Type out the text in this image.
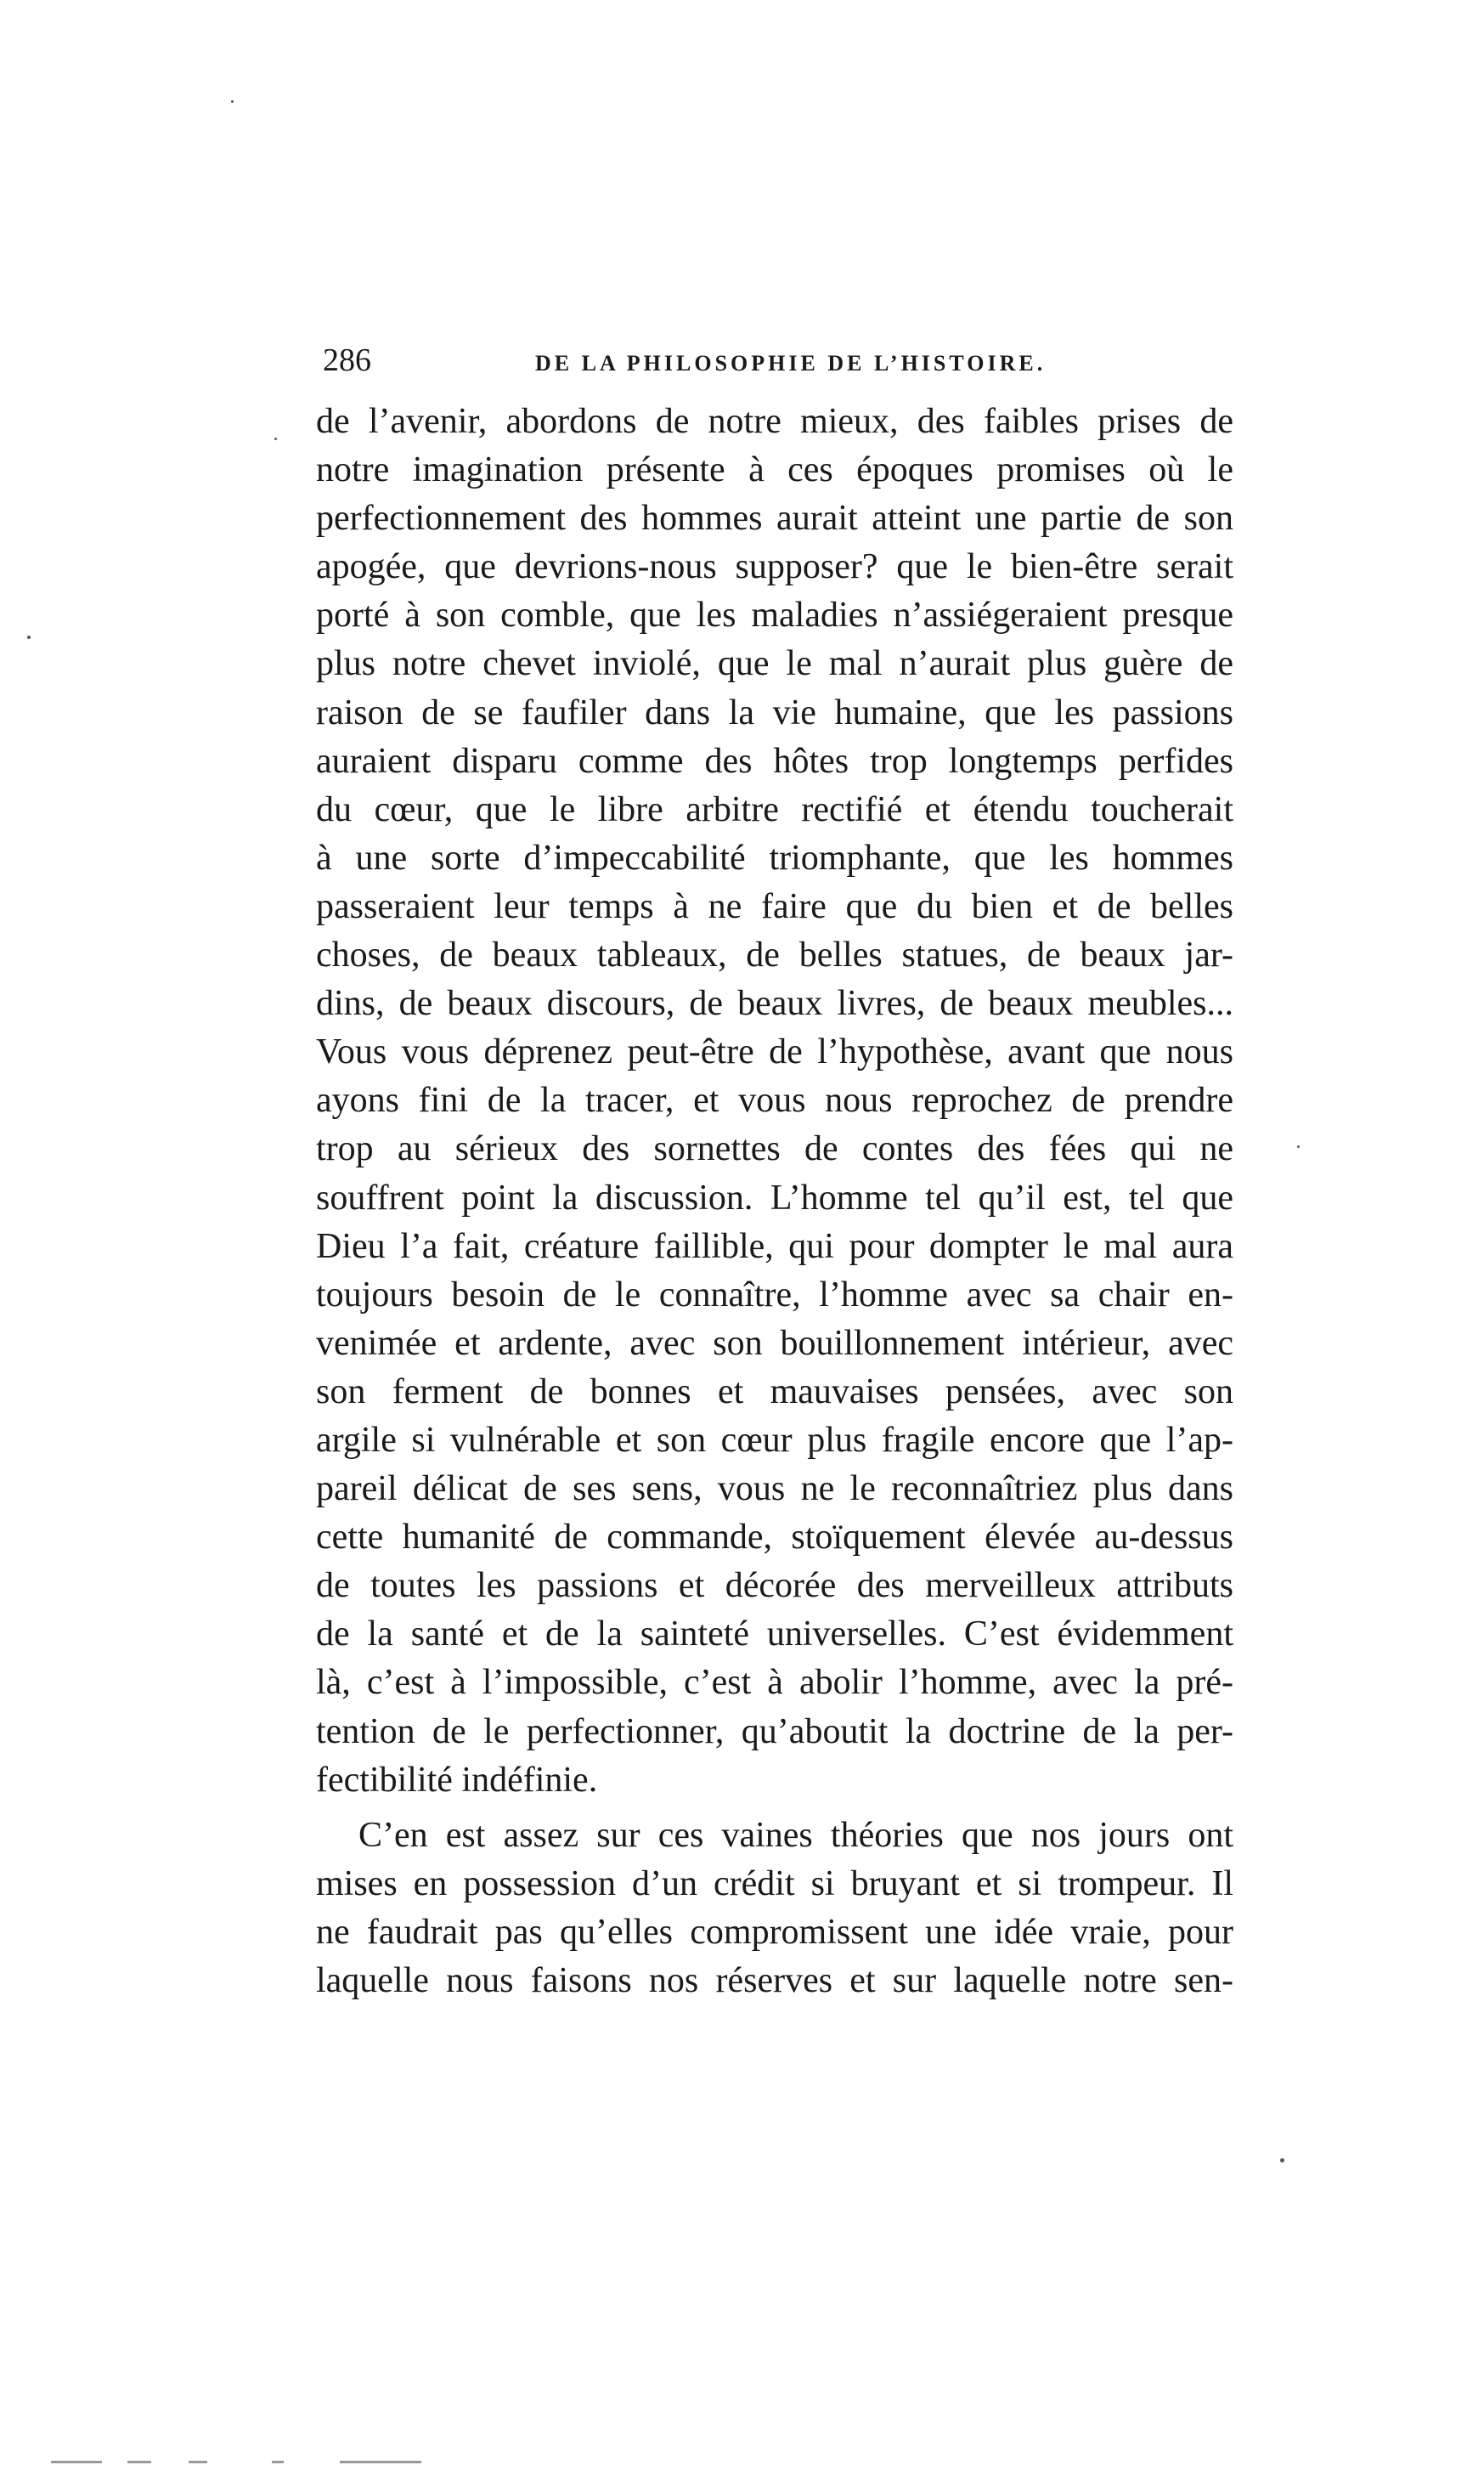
286	DE LA PHILOSOPHIE DE L’HISTOIRE.
de l’avenir, abordons de notre mieux, des faibles prises de
notre imagination présente à ces époques promises où le
perfectionnement des hommes aurait atteint une partie de son
apogée, que devrions-nous supposer? que le bien-être serait
porté à son comble, que les maladies n’assiégeraient presque
plus notre chevet inviolé, que le mal n’aurait plus guère de
raison de se faufiler dans la vie humaine, que les passions
auraient disparu comme des hôtes trop longtemps perfides
du cœur, que le libre arbitre rectifié et étendu toucherait
à une sorte d’impeccabilité triomphante, que les hommes
passeraient leur temps à ne faire que du bien et de belles
choses, de beaux tableaux, de belles statues, de beaux jar-
dins, de beaux discours, de beaux livres, de beaux meubles...
Vous vous déprenez peut-être de l’hypothèse, avant que nous
ayons fini de la tracer, et vous nous reprochez de prendre
trop au sérieux des sornettes de contes des fées qui ne
souffrent point la discussion. L’homme tel qu’il est, tel que
Dieu l’a fait, créature faillible, qui pour dompter le mal aura
toujours besoin de le connaître, l’homme avec sa chair en-
venimée et ardente, avec son bouillonnement intérieur, avec
son ferment de bonnes et mauvaises pensées, avec son
argile si vulnérable et son cœur plus fragile encore que l’ap-
pareil délicat de ses sens, vous ne le reconnaîtriez plus dans
cette humanité de commande, stoïquement élevée au-dessus
de toutes les passions et décorée des merveilleux attributs
de la santé et de la sainteté universelles. C’est évidemment
là, c’est à l’impossible, c’est à abolir l’homme, avec la pré-
tention de le perfectionner, qu’aboutit la doctrine de la per-
fectibilité indéfinie.
C’en est assez sur ces vaines théories que nos jours ont
mises en possession d’un crédit si bruyant et si trompeur. Il
ne faudrait pas qu’elles compromissent une idée vraie, pour
laquelle nous faisons nos réserves et sur laquelle notre sen-
